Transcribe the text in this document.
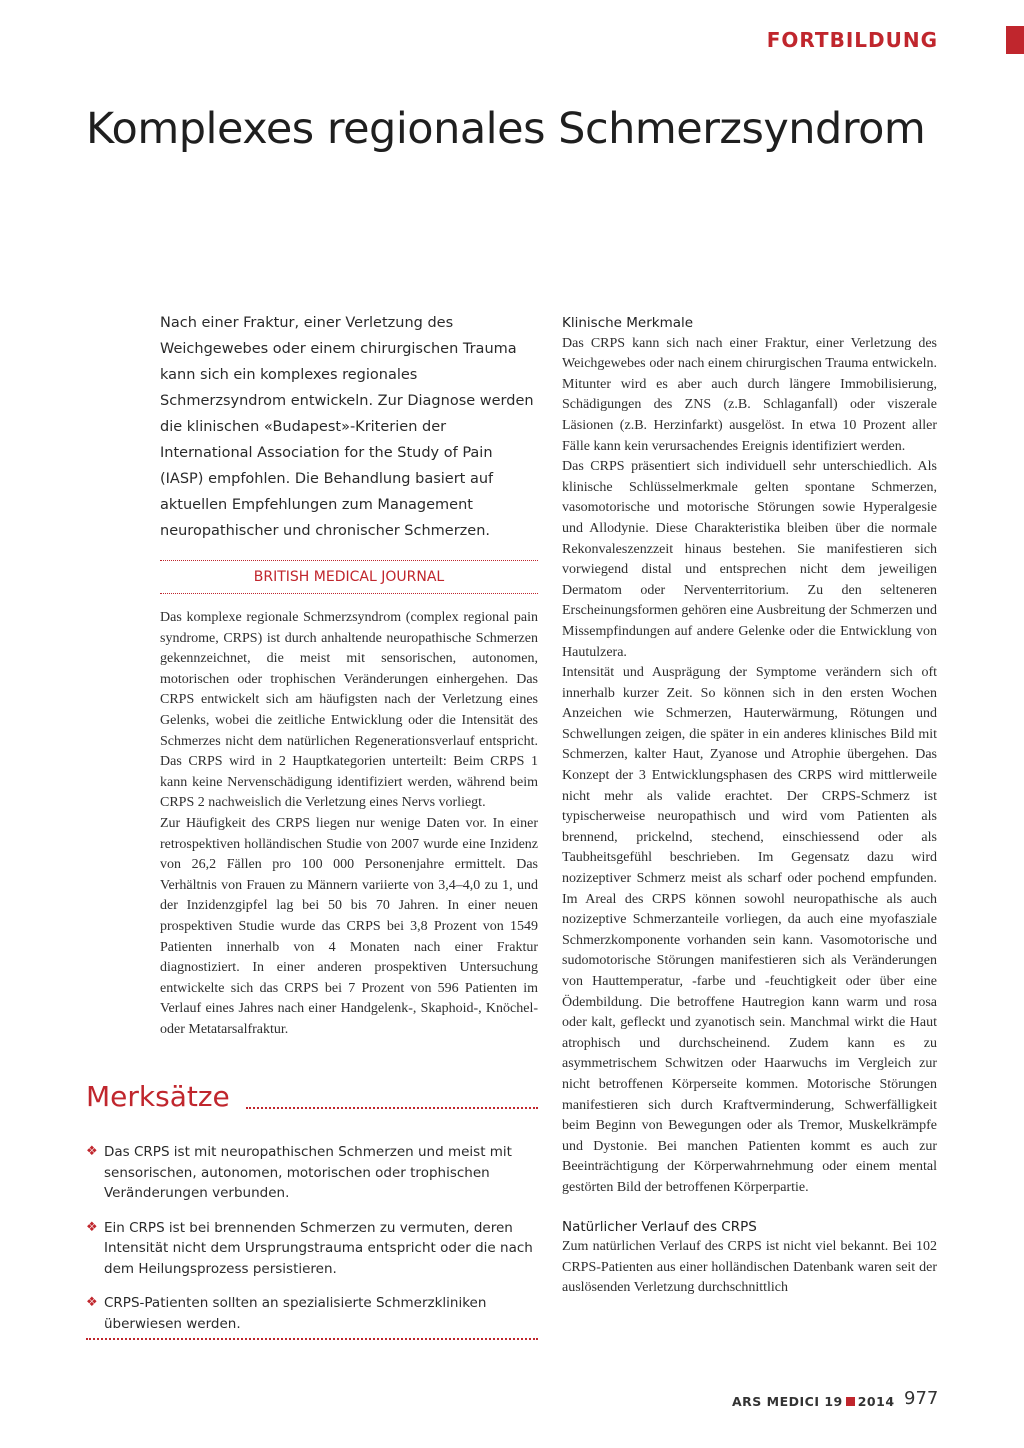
FORTBILDUNG
Komplexes regionales Schmerzsyndrom

Nach einer Fraktur, einer Verletzung des Weichgewebes oder einem chirurgischen Trauma kann sich ein komplexes regionales Schmerzsyndrom entwickeln. Zur Diagnose werden die klinischen «Budapest»-Kriterien der International Association for the Study of Pain (IASP) empfohlen. Die Behandlung basiert auf aktuellen Empfehlungen zum Management neuropathischer und chronischer Schmerzen.

BRITISH MEDICAL JOURNAL

Das komplexe regionale Schmerzsyndrom (complex regional pain syndrome, CRPS) ist durch anhaltende neuropathische Schmerzen gekennzeichnet, die meist mit sensorischen, autonomen, motorischen oder trophischen Veränderungen einhergehen. Das CRPS entwickelt sich am häufigsten nach der Verletzung eines Gelenks, wobei die zeitliche Entwicklung oder die Intensität des Schmerzes nicht dem natürlichen Regenerationsverlauf entspricht. Das CRPS wird in 2 Hauptkategorien unterteilt: Beim CRPS 1 kann keine Nervenschädigung identifiziert werden, während beim CRPS 2 nachweislich die Verletzung eines Nervs vorliegt.

Zur Häufigkeit des CRPS liegen nur wenige Daten vor. In einer retrospektiven holländischen Studie von 2007 wurde eine Inzidenz von 26,2 Fällen pro 100 000 Personenjahre ermittelt. Das Verhältnis von Frauen zu Männern variierte von 3,4–4,0 zu 1, und der Inzidenzgipfel lag bei 50 bis 70 Jahren. In einer neuen prospektiven Studie wurde das CRPS bei 3,8 Prozent von 1549 Patienten innerhalb von 4 Monaten nach einer Fraktur diagnostiziert. In einer anderen prospektiven Untersuchung entwickelte sich das CRPS bei 7 Prozent von 596 Patienten im Verlauf eines Jahres nach einer Handgelenk-, Skaphoid-, Knöchel- oder Metatarsalfraktur.

Merksätze
❖ Das CRPS ist mit neuropathischen Schmerzen und meist mit sensorischen, autonomen, motorischen oder trophischen Veränderungen verbunden.
❖ Ein CRPS ist bei brennenden Schmerzen zu vermuten, deren Intensität nicht dem Ursprungstrauma entspricht oder die nach dem Heilungsprozess persistieren.
❖ CRPS-Patienten sollten an spezialisierte Schmerzkliniken überwiesen werden.
Klinische Merkmale

Das CRPS kann sich nach einer Fraktur, einer Verletzung des Weichgewebes oder nach einem chirurgischen Trauma entwickeln. Mitunter wird es aber auch durch längere Immobilisierung, Schädigungen des ZNS (z.B. Schlaganfall) oder viszerale Läsionen (z.B. Herzinfarkt) ausgelöst. In etwa 10 Prozent aller Fälle kann kein verursachendes Ereignis identifiziert werden.

Das CRPS präsentiert sich individuell sehr unterschiedlich. Als klinische Schlüsselmerkmale gelten spontane Schmerzen, vasomotorische und motorische Störungen sowie Hyperalgesie und Allodynie. Diese Charakteristika bleiben über die normale Rekonvaleszenzzeit hinaus bestehen. Sie manifestieren sich vorwiegend distal und entsprechen nicht dem jeweiligen Dermatom oder Nerventerritorium. Zu den selteneren Erscheinungsformen gehören eine Ausbreitung der Schmerzen und Missempfindungen auf andere Gelenke oder die Entwicklung von Hautulzera.

Intensität und Ausprägung der Symptome verändern sich oft innerhalb kurzer Zeit. So können sich in den ersten Wochen Anzeichen wie Schmerzen, Hauterwärmung, Rötungen und Schwellungen zeigen, die später in ein anderes klinisches Bild mit Schmerzen, kalter Haut, Zyanose und Atrophie übergehen. Das Konzept der 3 Entwicklungsphasen des CRPS wird mittlerweile nicht mehr als valide erachtet. Der CRPS-Schmerz ist typischerweise neuropathisch und wird vom Patienten als brennend, prickelnd, stechend, einschiessend oder als Taubheitsgefühl beschrieben. Im Gegensatz dazu wird nozizeptiver Schmerz meist als scharf oder pochend empfunden. Im Areal des CRPS können sowohl neuropathische als auch nozizeptive Schmerzanteile vorliegen, da auch eine myofasziale Schmerzkomponente vorhanden sein kann. Vasomotorische und sudomotorische Störungen manifestieren sich als Veränderungen von Hauttemperatur, -farbe und -feuchtigkeit oder über eine Ödembildung. Die betroffene Hautregion kann warm und rosa oder kalt, gefleckt und zyanotisch sein. Manchmal wirkt die Haut atrophisch und durchscheinend. Zudem kann es zu asymmetrischem Schwitzen oder Haarwuchs im Vergleich zur nicht betroffenen Körperseite kommen. Motorische Störungen manifestieren sich durch Kraftverminderung, Schwerfälligkeit beim Beginn von Bewegungen oder als Tremor, Muskelkrämpfe und Dystonie. Bei manchen Patienten kommt es auch zur Beeinträchtigung der Körperwahrnehmung oder einem mental gestörten Bild der betroffenen Körperpartie.

Natürlicher Verlauf des CRPS

Zum natürlichen Verlauf des CRPS ist nicht viel bekannt. Bei 102 CRPS-Patienten aus einer holländischen Datenbank waren seit der auslösenden Verletzung durchschnittlich

ARS MEDICI 19 2014 977
